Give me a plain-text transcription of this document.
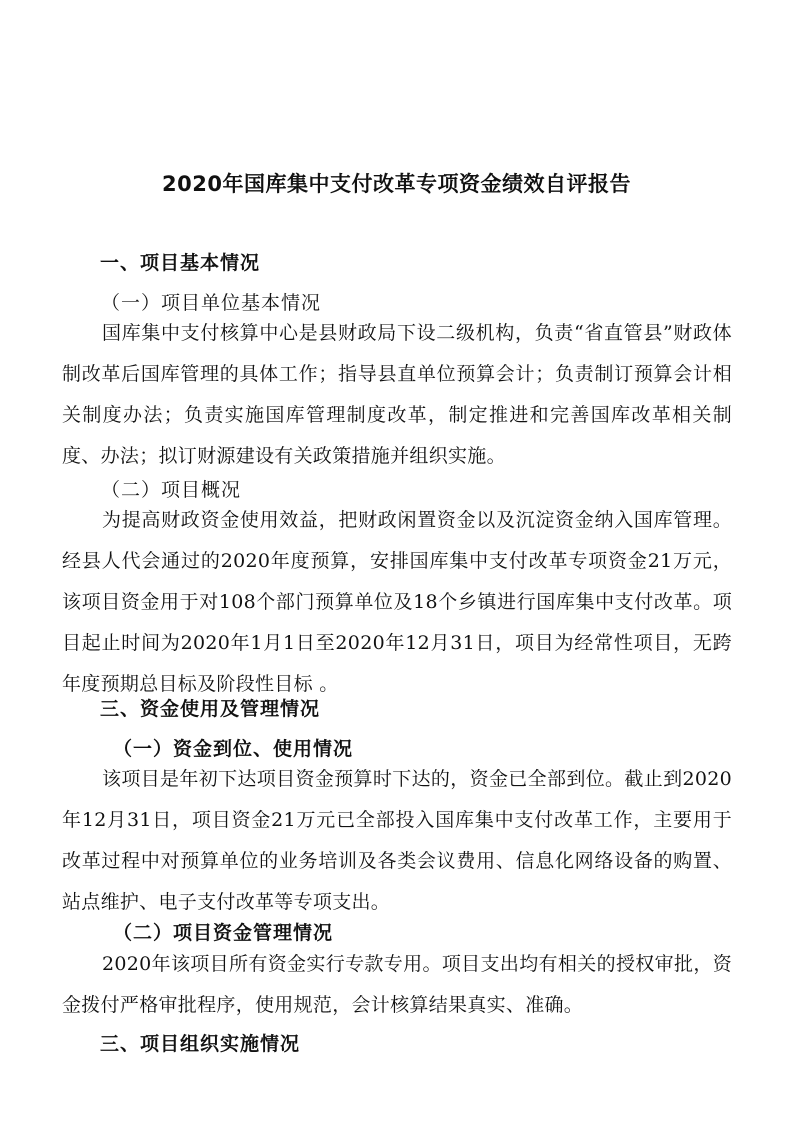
2020年国库集中支付改革专项资金绩效自评报告
一、项目基本情况
（一）项目单位基本情况
国库集中支付核算中心是县财政局下设二级机构，负责“省直管县”财政体制改革后国库管理的具体工作；指导县直单位预算会计；负责制订预算会计相关制度办法；负责实施国库管理制度改革，制定推进和完善国库改革相关制度、办法；拟订财源建设有关政策措施并组织实施。
（二）项目概况
为提高财政资金使用效益，把财政闲置资金以及沉淀资金纳入国库管理。经县人代会通过的2020年度预算，安排国库集中支付改革专项资金21万元，该项目资金用于对108个部门预算单位及18个乡镇进行国库集中支付改革。项目起止时间为2020年1月1日至2020年12月31日，项目为经常性项目，无跨年度预期总目标及阶段性目标 。
三、资金使用及管理情况
（一）资金到位、使用情况
该项目是年初下达项目资金预算时下达的，资金已全部到位。截止到2020年12月31日，项目资金21万元已全部投入国库集中支付改革工作，主要用于改革过程中对预算单位的业务培训及各类会议费用、信息化网络设备的购置、站点维护、电子支付改革等专项支出。
（二）项目资金管理情况
2020年该项目所有资金实行专款专用。项目支出均有相关的授权审批，资金拨付严格审批程序，使用规范，会计核算结果真实、准确。
三、项目组织实施情况
